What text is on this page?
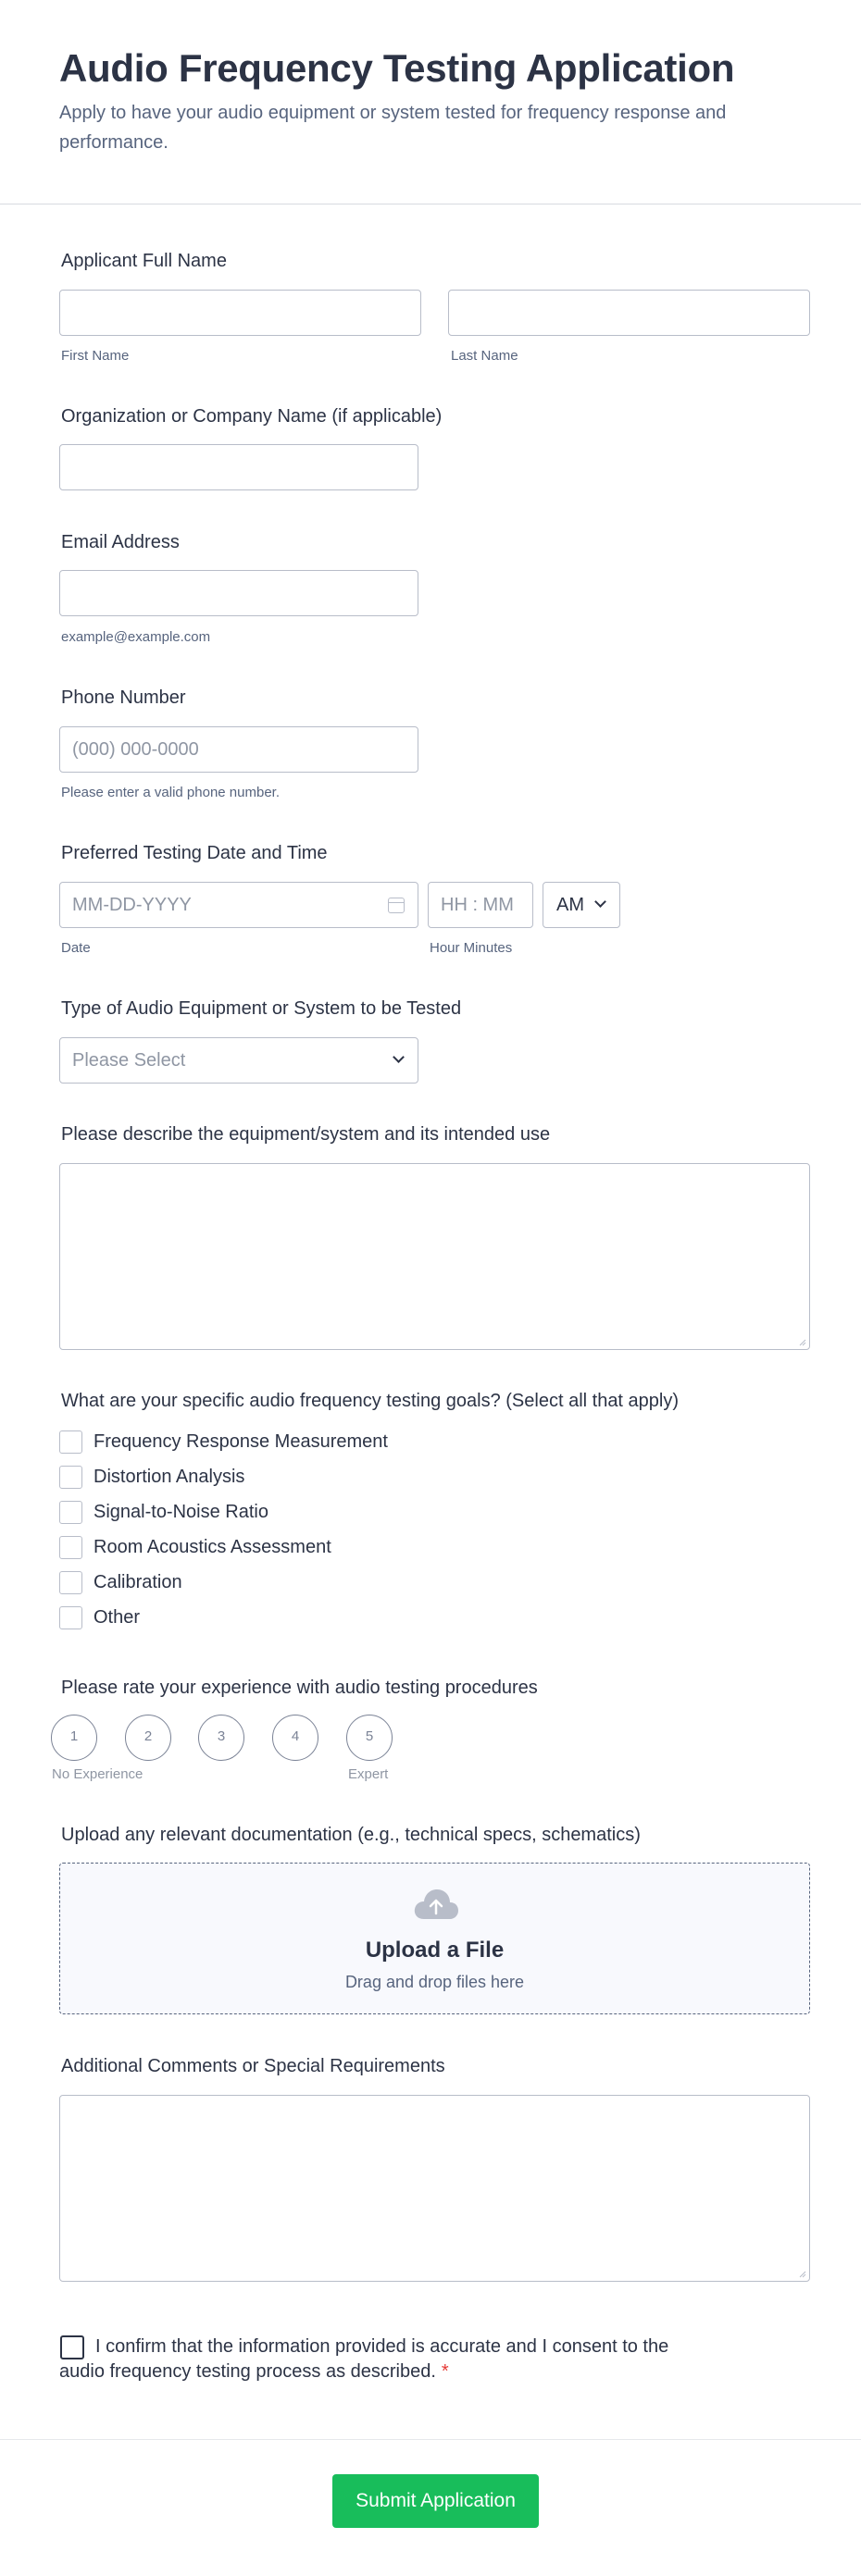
Audio Frequency Testing Application
Apply to have your audio equipment or system tested for frequency response and performance.
Applicant Full Name
First Name	Last Name
Organization or Company Name (if applicable)
Email Address
example@example.com
Phone Number
(000) 000-0000
Please enter a valid phone number.
Preferred Testing Date and Time
MM-DD-YYYY	HH : MM AM
Date	Hour Minutes
Type of Audio Equipment or System to be Tested
Please Select
Please describe the equipment/system and its intended use
What are your specific audio frequency testing goals? (Select all that apply)
Frequency Response Measurement
Distortion Analysis
Signal-to-Noise Ratio
Room Acoustics Assessment
Calibration
Other
Please rate your experience with audio testing procedures
1	2	3	4	5
No Experience	Expert
Upload any relevant documentation (e.g., technical specs, schematics)
Upload a File
Drag and drop files here
Additional Comments or Special Requirements
I confirm that the information provided is accurate and I consent to the
audio frequency testing process as described. *
Submit Application
